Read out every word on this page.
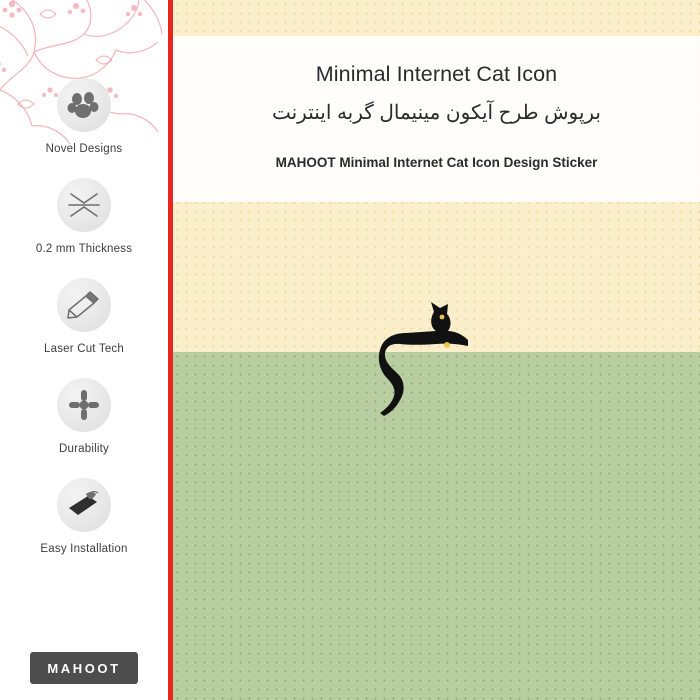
Novel Designs
0.2 mm Thickness
Laser Cut Tech
Durability
Easy Installation
MAHOOT
Minimal Internet Cat Icon
برپوش طرح آیکون مینیمال گربه اینترنت
MAHOOT Minimal Internet Cat Icon Design Sticker
